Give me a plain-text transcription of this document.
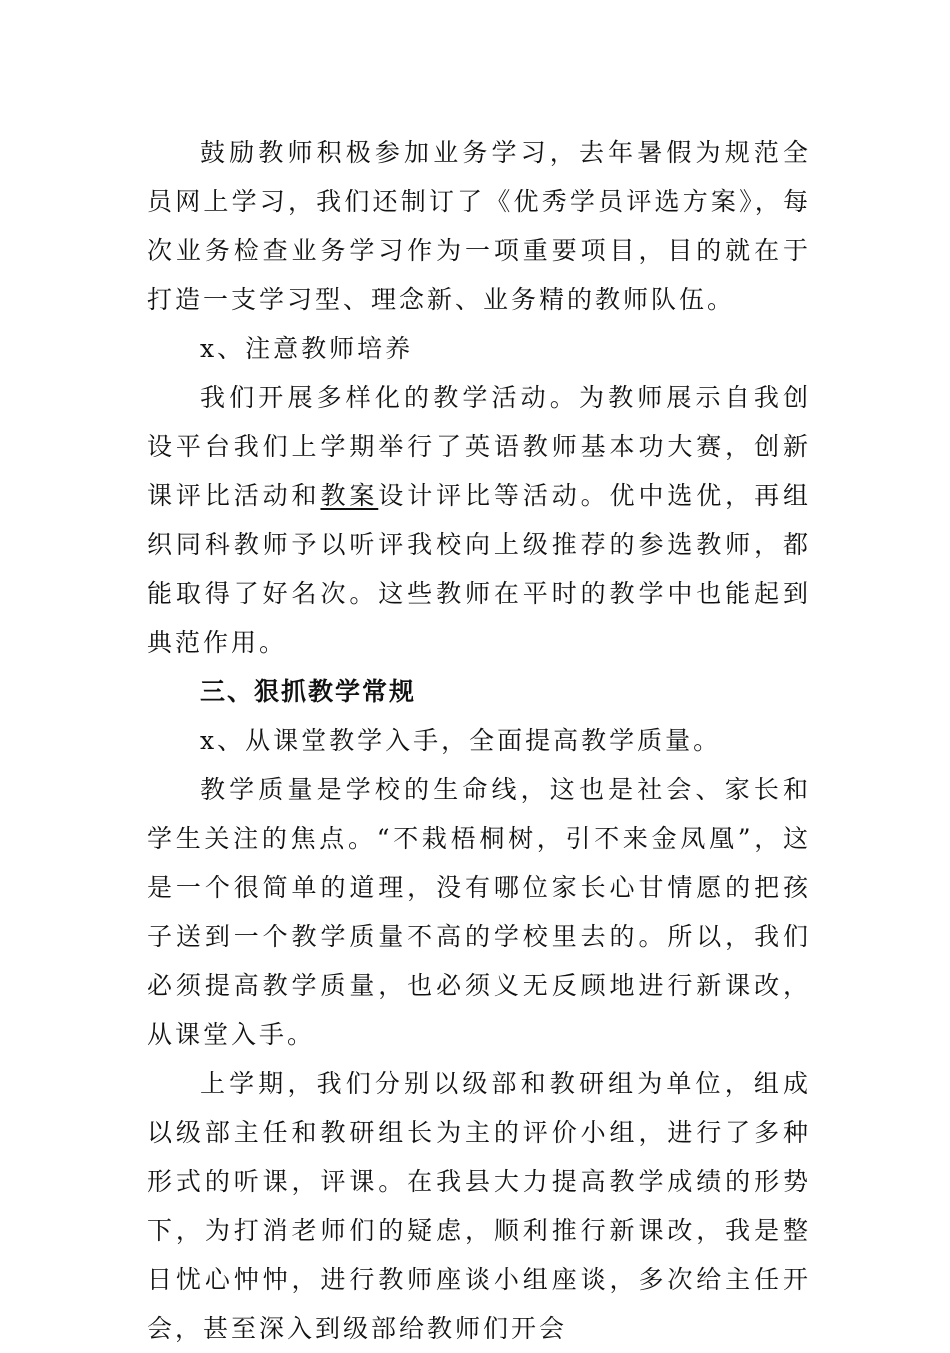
鼓励教师积极参加业务学习，去年暑假为规范全员网上学习，我们还制订了《优秀学员评选方案》，每次业务检查业务学习作为一项重要项目，目的就在于打造一支学习型、理念新、业务精的教师队伍。

x、注意教师培养

我们开展多样化的教学活动。为教师展示自我创设平台我们上学期举行了英语教师基本功大赛，创新课评比活动和教案设计评比等活动。优中选优，再组织同科教师予以听评我校向上级推荐的参选教师，都能取得了好名次。这些教师在平时的教学中也能起到典范作用。

三、狠抓教学常规

x、从课堂教学入手，全面提高教学质量。

教学质量是学校的生命线，这也是社会、家长和学生关注的焦点。“不栽梧桐树，引不来金凤凰”，这是一个很简单的道理，没有哪位家长心甘情愿的把孩子送到一个教学质量不高的学校里去的。所以，我们必须提高教学质量，也必须义无反顾地进行新课改，从课堂入手。

上学期，我们分别以级部和教研组为单位，组成以级部主任和教研组长为主的评价小组，进行了多种形式的听课，评课。在我县大力提高教学成绩的形势下，为打消老师们的疑虑，顺利推行新课改，我是整日忧心忡忡，进行教师座谈小组座谈，多次给主任开会，甚至深入到级部给教师们开会
